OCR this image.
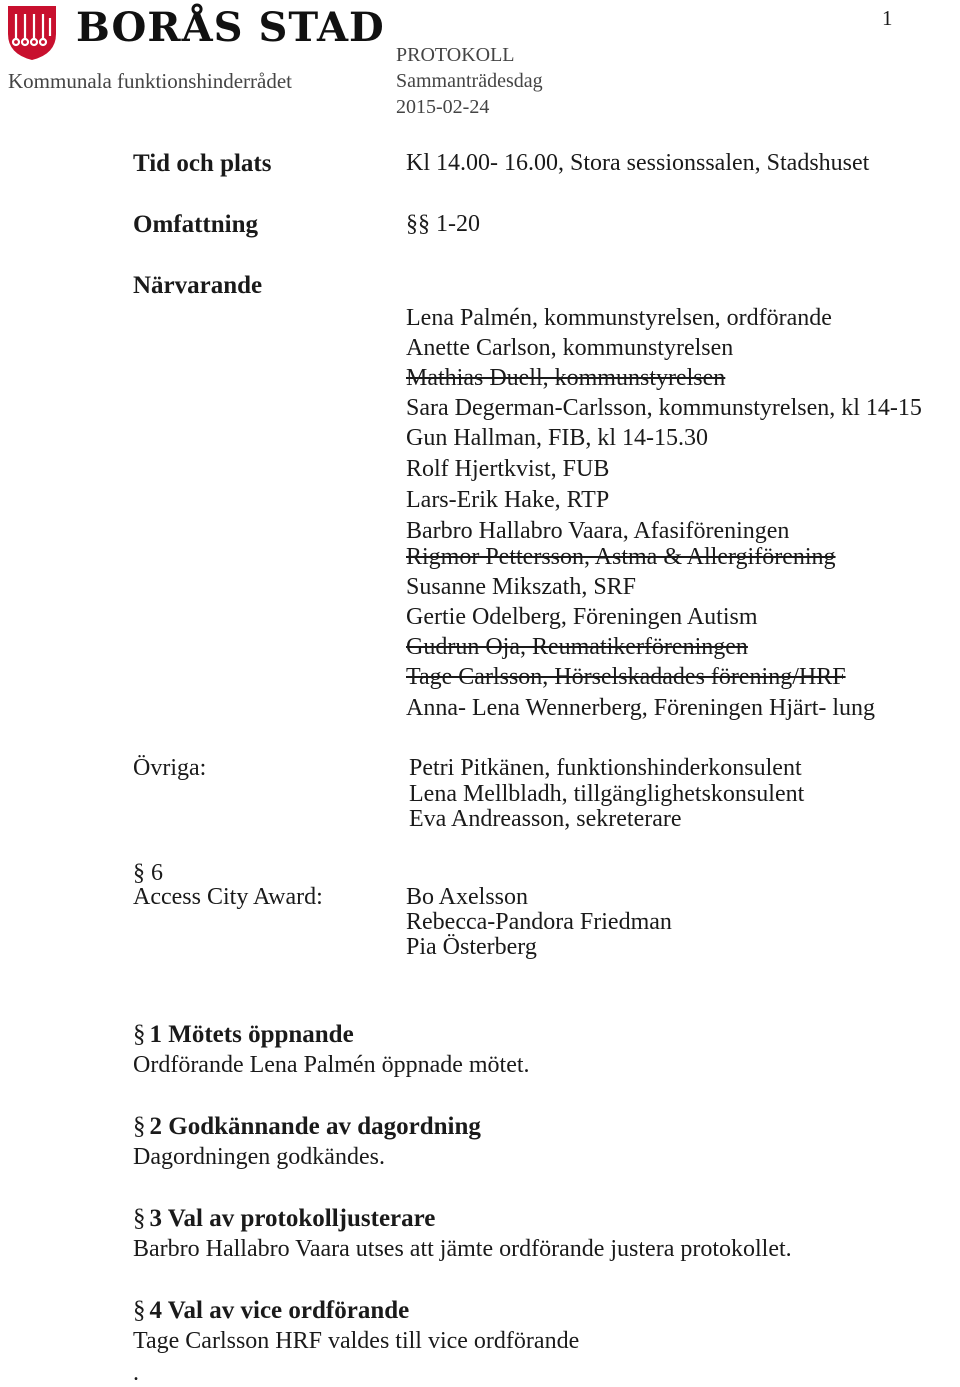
BORÅS STAD
Kommunala funktionshinderrådet
PROTOKOLL
Sammanträdesdag
2015-02-24
1
Tid och plats	Kl 14.00- 16.00, Stora sessionssalen, Stadshuset
Omfattning	§§ 1-20
Närvarande
Lena Palmén, kommunstyrelsen, ordförande
Anette Carlson, kommunstyrelsen
Mathias Duell, kommunstyrelsen
Sara Degerman-Carlsson, kommunstyrelsen, kl 14-15
Gun Hallman, FIB, kl 14-15.30
Rolf Hjertkvist, FUB
Lars-Erik Hake, RTP
Barbro Hallabro Vaara, Afasiföreningen
Rigmor Pettersson, Astma & Allergiförening
Susanne Mikszath, SRF
Gertie Odelberg, Föreningen Autism
Gudrun Oja, Reumatikerföreningen
Tage Carlsson, Hörselskadades förening/HRF
Anna- Lena Wennerberg, Föreningen Hjärt- lung
Övriga:	Petri Pitkänen, funktionshinderkonsulent
Lena Mellbladh, tillgänglighetskonsulent
Eva Andreasson, sekreterare
§ 6
Access City Award:	Bo Axelsson
Rebecca-Pandora Friedman
Pia Österberg
§ 1 Mötets öppnande
Ordförande Lena Palmén öppnade mötet.
§ 2 Godkännande av dagordning
Dagordningen godkändes.
§ 3 Val av protokolljusterare
Barbro Hallabro Vaara utses att jämte ordförande justera protokollet.
§ 4 Val av vice ordförande
Tage Carlsson HRF valdes till vice ordförande
.
